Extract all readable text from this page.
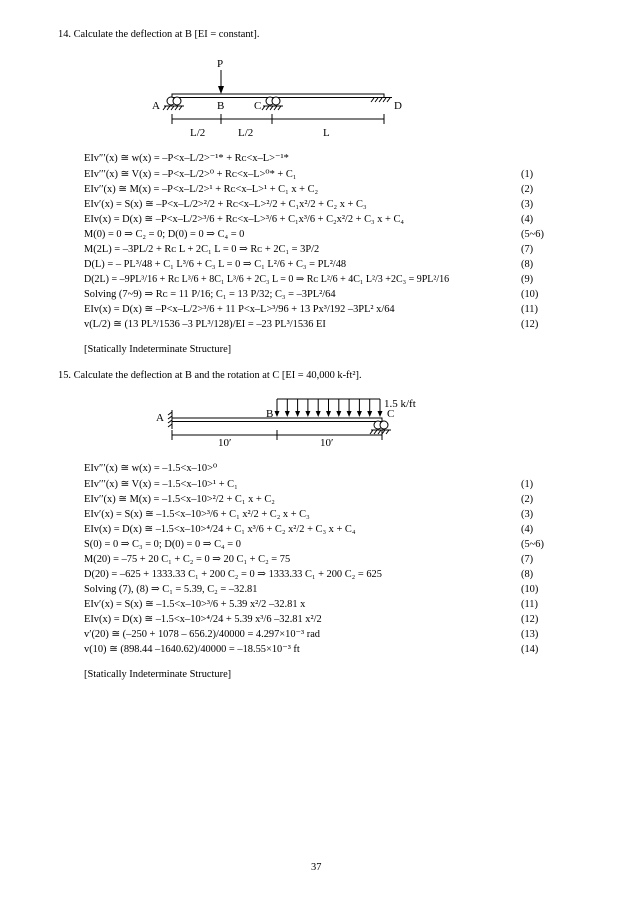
14. Calculate the deflection at B [EI = constant].
P
A	B	C	D
L/2	L/2	L
EIv″′(x) ≅ w(x) = –P<x–L/2>⁻¹* + Rᴄ<x–L>⁻¹*
EIv′′′(x) ≅ V(x) = –P<x–L/2>⁰ + Rᴄ<x–L>⁰* + C₁	(1)
EIv′′(x) ≅ M(x) = –P<x–L/2>¹ + Rᴄ<x–L>¹ + C₁ x + C₂	(2)
EIv′(x) = S(x) ≅ –P<x–L/2>²/2 + Rᴄ<x–L>²/2 + C₁x²/2 + C₂ x + C₃	(3)
EIv(x) = D(x) ≅ –P<x–L/2>³/6 + Rᴄ<x–L>³/6 + C₁x³/6 + C₂x²/2 + C₃ x + C₄	(4)
M(0) = 0 ⇒ C₂ = 0; D(0) = 0 ⇒ C₄ = 0	(5~6)
M(2L) = –3PL/2 + Rᴄ L + 2C₁ L = 0 ⇒ Rᴄ + 2C₁ = 3P/2	(7)
D(L) = – PL³/48 + C₁ L³/6 + C₃ L = 0 ⇒ C₁ L²/6 + C₃ = PL²/48	(8)
D(2L) = –9PL³/16 + Rᴄ L³/6 + 8C₁ L³/6 + 2C₃ L = 0 ⇒ Rᴄ L²/6 + 4C₁ L²/3 +2C₃ = 9PL²/16	(9)
Solving (7~9) ⇒ Rᴄ = 11 P/16; C₁ = 13 P/32; C₃ = –3PL²/64	(10)
EIv(x) = D(x) ≅ –P<x–L/2>³/6 + 11 P<x–L>³/96 + 13 Px³/192 –3PL² x/64	(11)
v(L/2) ≅ (13 PL³/1536 –3 PL³/128)/EI = –23 PL³/1536 EI	(12)
[Statically Indeterminate Structure]
15. Calculate the deflection at B and the rotation at C [EI = 40,000 k-ft²].
1.5 k/ft
A	B	C
10′	10′
EIv″′(x) ≅ w(x) = –1.5<x–10>⁰
EIv′′′(x) ≅ V(x) = –1.5<x–10>¹ + C₁	(1)
EIv′′(x) ≅ M(x) = –1.5<x–10>²/2 + C₁ x + C₂	(2)
EIv′(x) = S(x) ≅ –1.5<x–10>³/6 + C₁ x²/2 + C₂ x + C₃	(3)
EIv(x) = D(x) ≅ –1.5<x–10>⁴/24 + C₁ x³/6 + C₂ x²/2 + C₃ x + C₄	(4)
S(0) = 0 ⇒ C₃ = 0; D(0) = 0 ⇒ C₄ = 0	(5~6)
M(20) = –75 + 20 C₁ + C₂ = 0 ⇒ 20 C₁ + C₂ = 75	(7)
D(20) = –625 + 1333.33 C₁ + 200 C₂ = 0 ⇒ 1333.33 C₁ + 200 C₂ = 625	(8)
Solving (7), (8) ⇒ C₁ = 5.39, C₂ = –32.81	(10)
EIv′(x) = S(x) ≅ –1.5<x–10>³/6 + 5.39 x²/2 –32.81 x	(11)
EIv(x) = D(x) ≅ –1.5<x–10>⁴/24 + 5.39 x³/6 –32.81 x²/2	(12)
v′(20) ≅ (–250 + 1078 – 656.2)/40000 = 4.297×10⁻³ rad	(13)
v(10) ≅ (898.44 –1640.62)/40000 = –18.55×10⁻³ ft	(14)
[Statically Indeterminate Structure]
37
